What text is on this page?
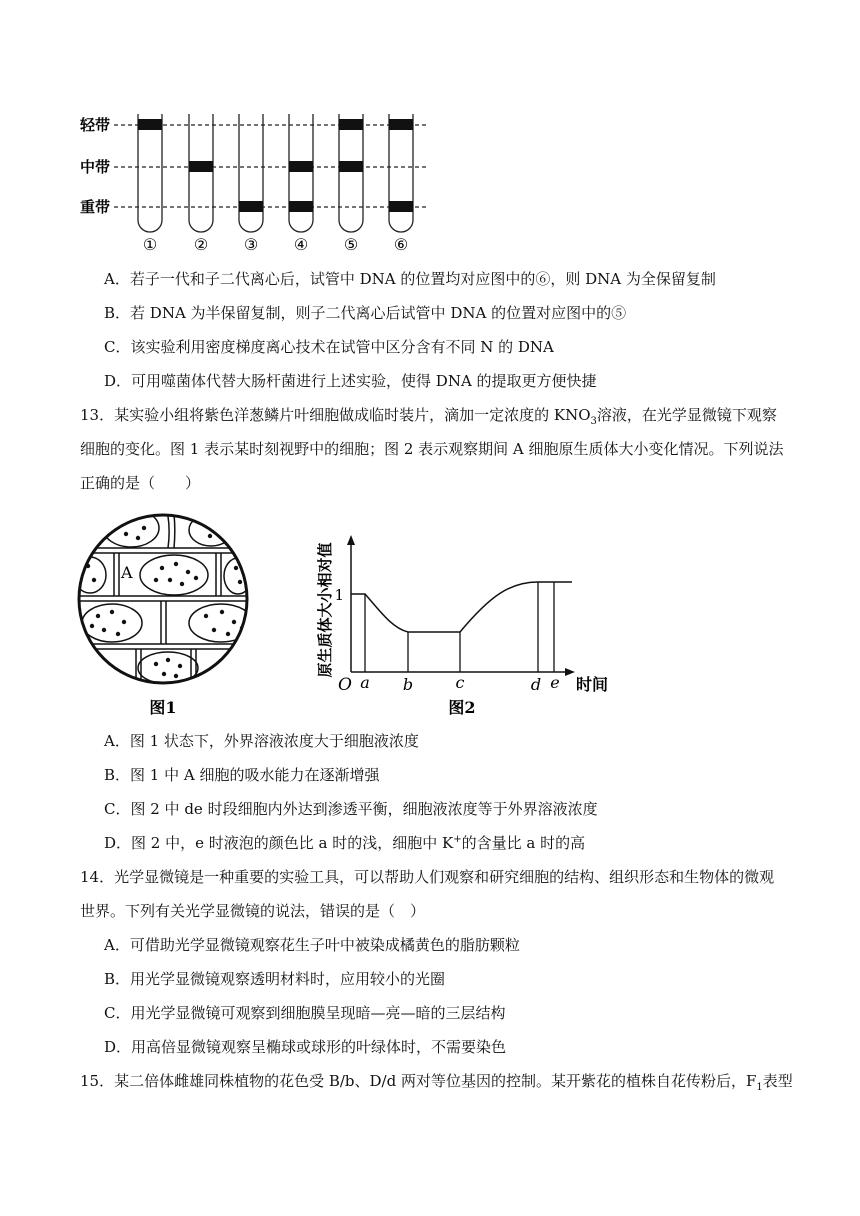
轻带
中带
重带
① ② ③ ④ ⑤ ⑥
A．若子一代和子二代离心后，试管中 DNA 的位置均对应图中的⑥，则 DNA 为全保留复制
B．若 DNA 为半保留复制，则子二代离心后试管中 DNA 的位置对应图中的⑤
C．该实验利用密度梯度离心技术在试管中区分含有不同 N 的 DNA
D．可用噬菌体代替大肠杆菌进行上述实验，使得 DNA 的提取更方便快捷
13．某实验小组将紫色洋葱鳞片叶细胞做成临时装片，滴加一定浓度的 $KNO_3$溶液，在光学显微镜下观察
细胞的变化。图 1 表示某时刻视野中的细胞；图 2 表示观察期间 A 细胞原生质体大小变化情况。下列说法
正确的是（　　）
A
图1
原生质体大小相对值 1
O a b	c	d e 时间
图2
A．图 1 状态下，外界溶液浓度大于细胞液浓度
B．图 1 中 A 细胞的吸水能力在逐渐增强
C．图 2 中 de 时段细胞内外达到渗透平衡，细胞液浓度等于外界溶液浓度
D．图 2 中，e 时液泡的颜色比 a 时的浅，细胞中 K+的含量比 a 时的高
14．光学显微镜是一种重要的实验工具，可以帮助人们观察和研究细胞的结构、组织形态和生物体的微观
世界。下列有关光学显微镜的说法，错误的是（　）
A．可借助光学显微镜观察花生子叶中被染成橘黄色的脂肪颗粒
B．用光学显微镜观察透明材料时，应用较小的光圈
C．用光学显微镜可观察到细胞膜呈现暗—亮—暗的三层结构
D．用高倍显微镜观察呈椭球或球形的叶绿体时，不需要染色
15．某二倍体雌雄同株植物的花色受 B/b、D/d 两对等位基因的控制。某开紫花的植株自花传粉后，$F_1$表型
